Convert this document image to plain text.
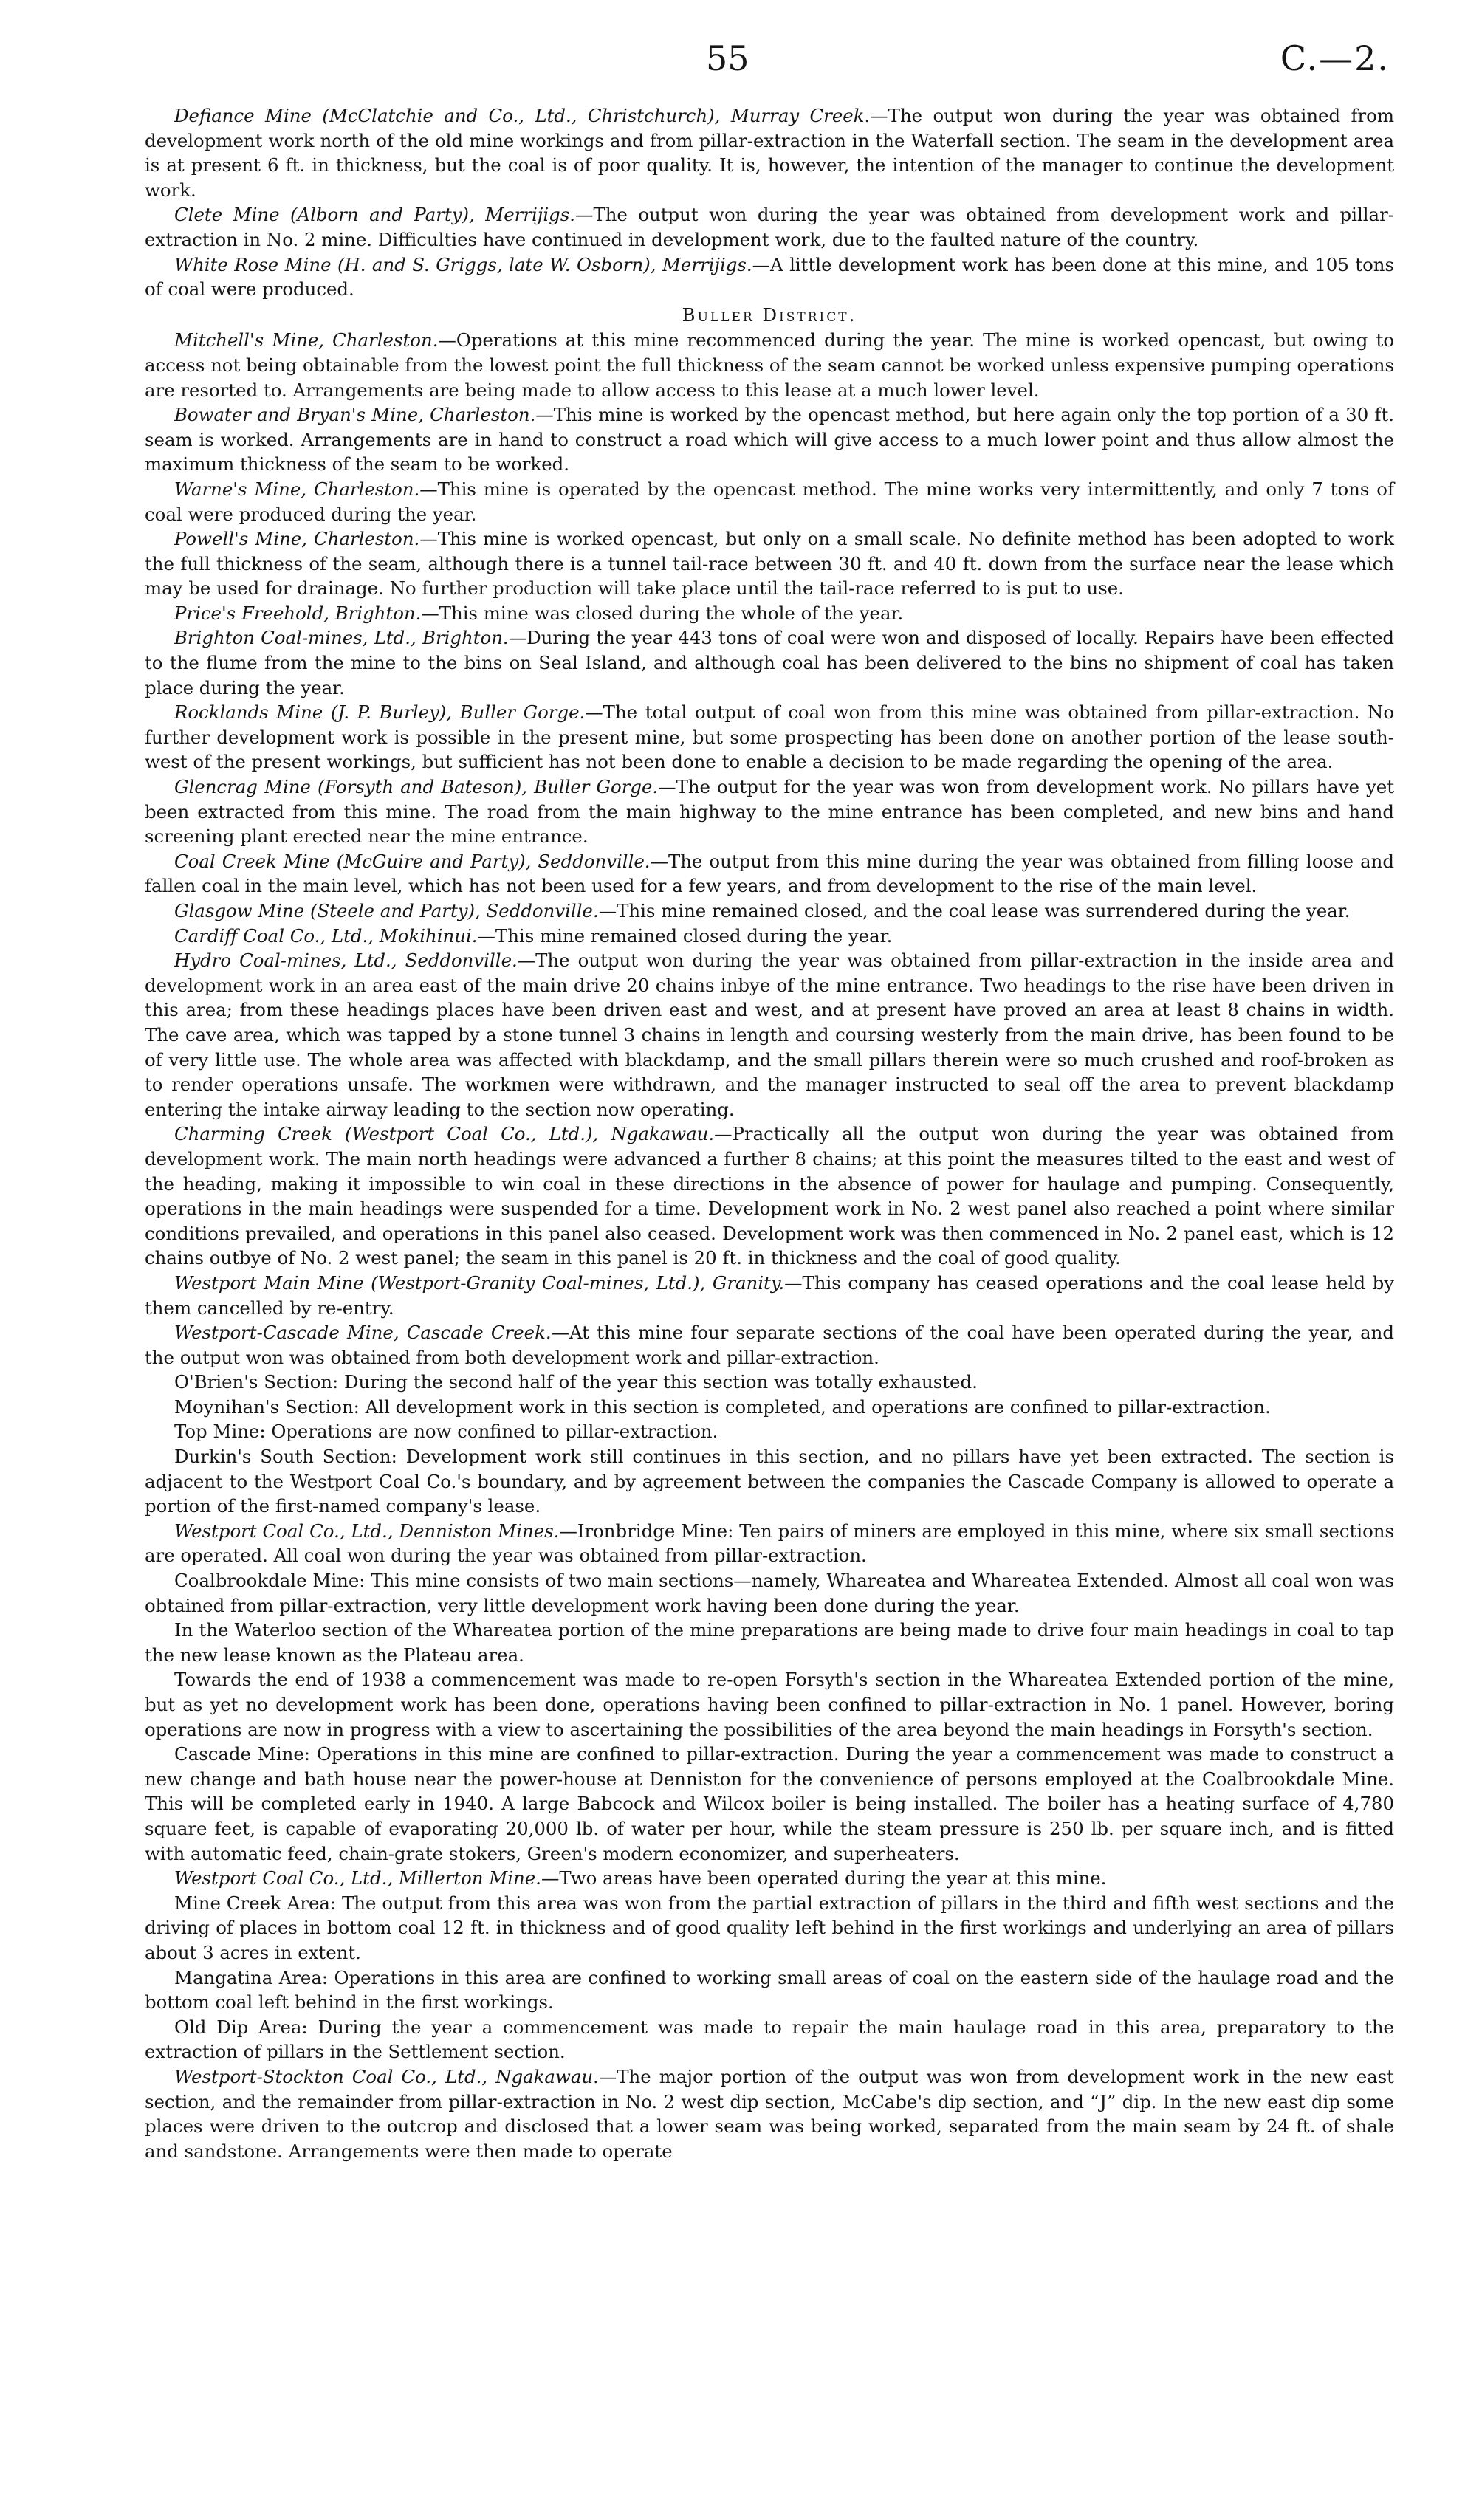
55	C.—2.

Defiance Mine (McClatchie and Co., Ltd., Christchurch), Murray Creek.—The output won during the year was obtained from development work north of the old mine workings and from pillar-extraction in the Waterfall section. The seam in the development area is at present 6 ft. in thickness, but the coal is of poor quality. It is, however, the intention of the manager to continue the development work.

Clete Mine (Alborn and Party), Merrijigs.—The output won during the year was obtained from development work and pillar-extraction in No. 2 mine. Difficulties have continued in development work, due to the faulted nature of the country.

White Rose Mine (H. and S. Griggs, late W. Osborn), Merrijigs.—A little development work has been done at this mine, and 105 tons of coal were produced.

Buller District.

Mitchell's Mine, Charleston.—Operations at this mine recommenced during the year. The mine is worked opencast, but owing to access not being obtainable from the lowest point the full thickness of the seam cannot be worked unless expensive pumping operations are resorted to. Arrangements are being made to allow access to this lease at a much lower level.

Bowater and Bryan's Mine, Charleston.—This mine is worked by the opencast method, but here again only the top portion of a 30 ft. seam is worked. Arrangements are in hand to construct a road which will give access to a much lower point and thus allow almost the maximum thickness of the seam to be worked.

Warne's Mine, Charleston.—This mine is operated by the opencast method. The mine works very intermittently, and only 7 tons of coal were produced during the year.

Powell's Mine, Charleston.—This mine is worked opencast, but only on a small scale. No definite method has been adopted to work the full thickness of the seam, although there is a tunnel tail-race between 30 ft. and 40 ft. down from the surface near the lease which may be used for drainage. No further production will take place until the tail-race referred to is put to use.

Price's Freehold, Brighton.—This mine was closed during the whole of the year.

Brighton Coal-mines, Ltd., Brighton.—During the year 443 tons of coal were won and disposed of locally. Repairs have been effected to the flume from the mine to the bins on Seal Island, and although coal has been delivered to the bins no shipment of coal has taken place during the year.

Rocklands Mine (J. P. Burley), Buller Gorge.—The total output of coal won from this mine was obtained from pillar-extraction. No further development work is possible in the present mine, but some prospecting has been done on another portion of the lease south-west of the present workings, but sufficient has not been done to enable a decision to be made regarding the opening of the area.

Glencrag Mine (Forsyth and Bateson), Buller Gorge.—The output for the year was won from development work. No pillars have yet been extracted from this mine. The road from the main highway to the mine entrance has been completed, and new bins and hand screening plant erected near the mine entrance.

Coal Creek Mine (McGuire and Party), Seddonville.—The output from this mine during the year was obtained from filling loose and fallen coal in the main level, which has not been used for a few years, and from development to the rise of the main level.

Glasgow Mine (Steele and Party), Seddonville.—This mine remained closed, and the coal lease was surrendered during the year.

Cardiff Coal Co., Ltd., Mokihinui.—This mine remained closed during the year.

Hydro Coal-mines, Ltd., Seddonville.—The output won during the year was obtained from pillar-extraction in the inside area and development work in an area east of the main drive 20 chains inbye of the mine entrance. Two headings to the rise have been driven in this area; from these headings places have been driven east and west, and at present have proved an area at least 8 chains in width. The cave area, which was tapped by a stone tunnel 3 chains in length and coursing westerly from the main drive, has been found to be of very little use. The whole area was affected with blackdamp, and the small pillars therein were so much crushed and roof-broken as to render operations unsafe. The workmen were withdrawn, and the manager instructed to seal off the area to prevent blackdamp entering the intake airway leading to the section now operating.

Charming Creek (Westport Coal Co., Ltd.), Ngakawau.—Practically all the output won during the year was obtained from development work. The main north headings were advanced a further 8 chains; at this point the measures tilted to the east and west of the heading, making it impossible to win coal in these directions in the absence of power for haulage and pumping. Consequently, operations in the main headings were suspended for a time. Development work in No. 2 west panel also reached a point where similar conditions prevailed, and operations in this panel also ceased. Development work was then commenced in No. 2 panel east, which is 12 chains outbye of No. 2 west panel; the seam in this panel is 20 ft. in thickness and the coal of good quality.

Westport Main Mine (Westport-Granity Coal-mines, Ltd.), Granity.—This company has ceased operations and the coal lease held by them cancelled by re-entry.

Westport-Cascade Mine, Cascade Creek.—At this mine four separate sections of the coal have been operated during the year, and the output won was obtained from both development work and pillar-extraction.

O'Brien's Section: During the second half of the year this section was totally exhausted.

Moynihan's Section: All development work in this section is completed, and operations are confined to pillar-extraction.

Top Mine: Operations are now confined to pillar-extraction.

Durkin's South Section: Development work still continues in this section, and no pillars have yet been extracted. The section is adjacent to the Westport Coal Co.'s boundary, and by agreement between the companies the Cascade Company is allowed to operate a portion of the first-named company's lease.

Westport Coal Co., Ltd., Denniston Mines.—Ironbridge Mine: Ten pairs of miners are employed in this mine, where six small sections are operated. All coal won during the year was obtained from pillar-extraction.

Coalbrookdale Mine: This mine consists of two main sections—namely, Whareatea and Whareatea Extended. Almost all coal won was obtained from pillar-extraction, very little development work having been done during the year.

In the Waterloo section of the Whareatea portion of the mine preparations are being made to drive four main headings in coal to tap the new lease known as the Plateau area.

Towards the end of 1938 a commencement was made to re-open Forsyth's section in the Whareatea Extended portion of the mine, but as yet no development work has been done, operations having been confined to pillar-extraction in No. 1 panel. However, boring operations are now in progress with a view to ascertaining the possibilities of the area beyond the main headings in Forsyth's section.

Cascade Mine: Operations in this mine are confined to pillar-extraction. During the year a commencement was made to construct a new change and bath house near the power-house at Denniston for the convenience of persons employed at the Coalbrookdale Mine. This will be completed early in 1940. A large Babcock and Wilcox boiler is being installed. The boiler has a heating surface of 4,780 square feet, is capable of evaporating 20,000 lb. of water per hour, while the steam pressure is 250 lb. per square inch, and is fitted with automatic feed, chain-grate stokers, Green's modern economizer, and superheaters.

Westport Coal Co., Ltd., Millerton Mine.—Two areas have been operated during the year at this mine.

Mine Creek Area: The output from this area was won from the partial extraction of pillars in the third and fifth west sections and the driving of places in bottom coal 12 ft. in thickness and of good quality left behind in the first workings and underlying an area of pillars about 3 acres in extent.

Mangatina Area: Operations in this area are confined to working small areas of coal on the eastern side of the haulage road and the bottom coal left behind in the first workings.

Old Dip Area: During the year a commencement was made to repair the main haulage road in this area, preparatory to the extraction of pillars in the Settlement section.

Westport-Stockton Coal Co., Ltd., Ngakawau.—The major portion of the output was won from development work in the new east section, and the remainder from pillar-extraction in No. 2 west dip section, McCabe's dip section, and “J” dip. In the new east dip some places were driven to the outcrop and disclosed that a lower seam was being worked, separated from the main seam by 24 ft. of shale and sandstone. Arrangements were then made to operate
